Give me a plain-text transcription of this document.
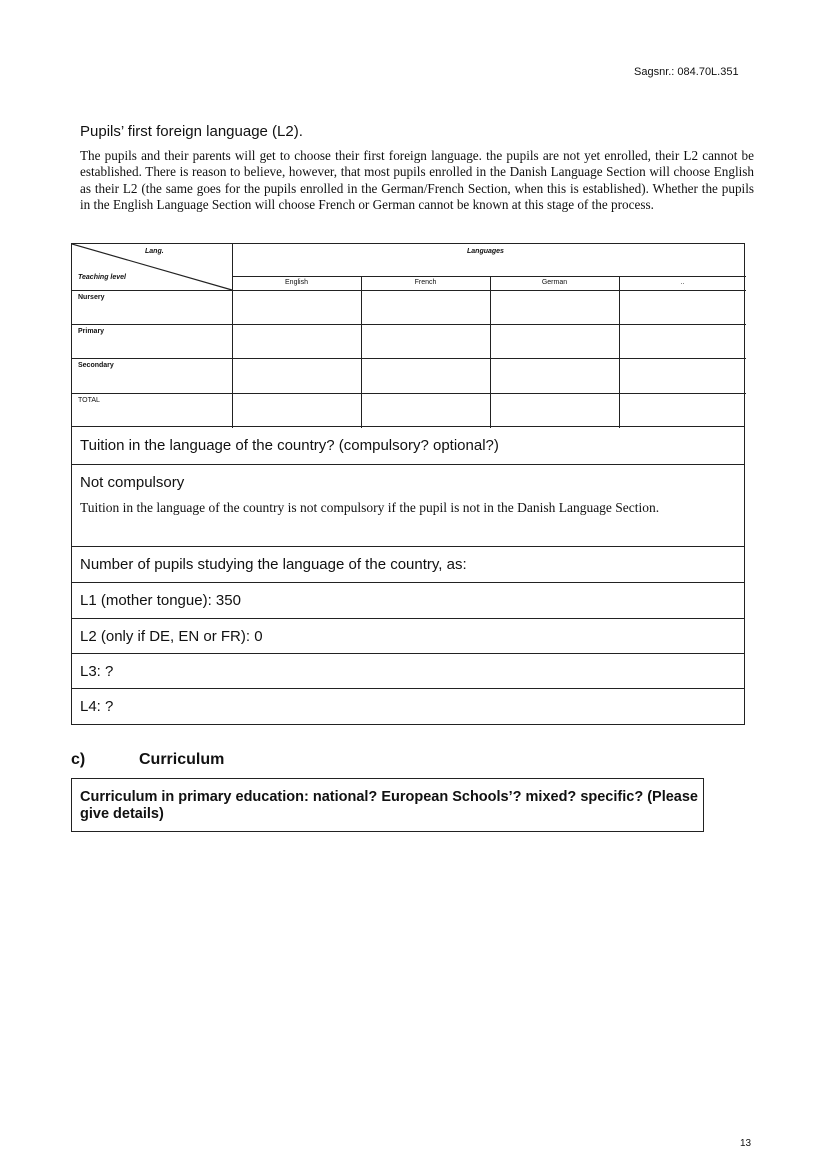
Sagsnr.: 084.70L.351
Pupils’ first foreign language (L2).
The pupils and their parents will get to choose their first foreign language. the pupils are not yet enrolled, their L2 cannot be established. There is reason to believe, however, that most pupils enrolled in the Danish Language Section will choose English as their L2 (the same goes for the pupils enrolled in the German/French Section, when this is established). Whether the pupils in the English Language Section will choose French or German cannot be known at this stage of the process.
Lang.
Teaching level
Languages
English	French	German	..
Nursery
Primary
Secondary
TOTAL
Tuition in the language of the country? (compulsory? optional?)
Not compulsory
Tuition in the language of the country is not compulsory if the pupil is not in the Danish Language Section.
Number of pupils studying the language of the country, as:
L1 (mother tongue): 350
L2 (only if DE, EN or FR): 0
L3: ?
L4: ?
c)	Curriculum
Curriculum in primary education: national? European Schools’? mixed? specific? (Please give details)
13
